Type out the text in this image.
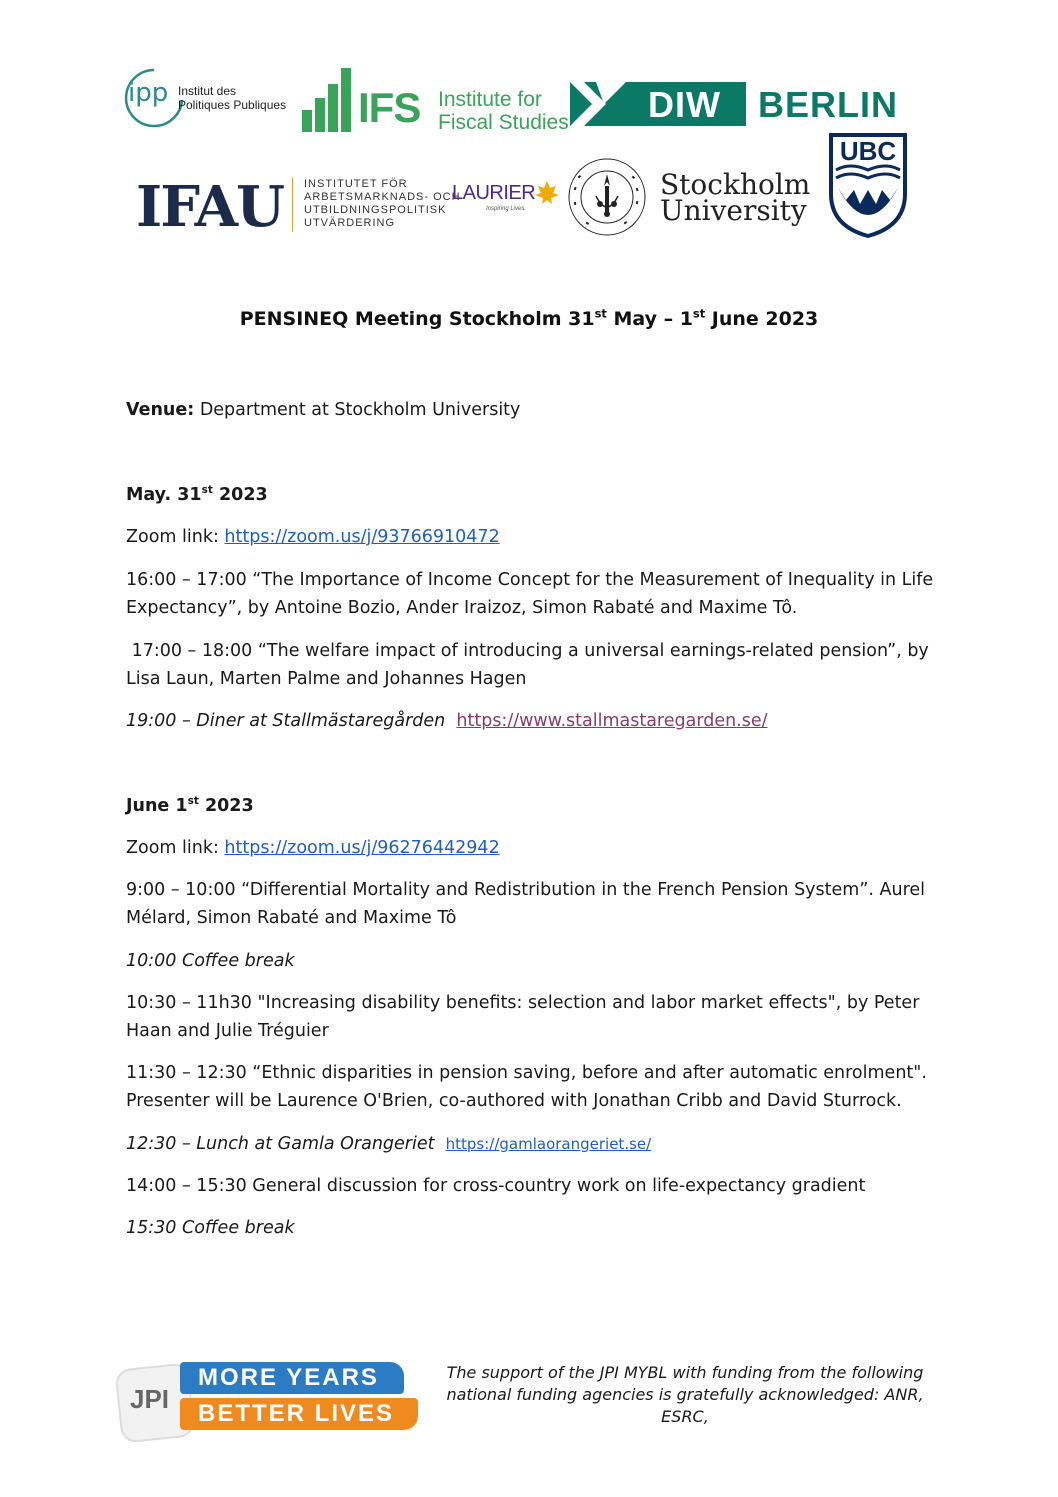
ipp Institut des
Politiques Publiques IFS Institute for
Fiscal Studies DIW BERLIN
IFAU INSTITUTET FÖR
ARBETSMARKNADS- OCH
UTBILDNINGSPOLITISK
UTVÄRDERING
LAURIER
Inspiring Lives.
Stockholm
University
UBC
PENSINEQ Meeting Stockholm 31st May – 1st June 2023
Venue: Department at Stockholm University
May. 31st 2023
Zoom link: https://zoom.us/j/93766910472
16:00 – 17:00 “The Importance of Income Concept for the Measurement of Inequality in Life
Expectancy”, by Antoine Bozio, Ander Iraizoz, Simon Rabaté and Maxime Tô.
17:00 – 18:00 “The welfare impact of introducing a universal earnings-related pension”, by
Lisa Laun, Marten Palme and Johannes Hagen
19:00 – Diner at Stallmästaregården  https://www.stallmastaregarden.se/
June 1st 2023
Zoom link: https://zoom.us/j/96276442942
9:00 – 10:00 “Differential Mortality and Redistribution in the French Pension System”. Aurel
Mélard, Simon Rabaté and Maxime Tô
10:00 Coffee break
10:30 – 11h30 "Increasing disability benefits: selection and labor market effects", by Peter
Haan and Julie Tréguier
11:30 – 12:30 “Ethnic disparities in pension saving, before and after automatic enrolment".
Presenter will be Laurence O'Brien, co-authored with Jonathan Cribb and David Sturrock.
12:30 – Lunch at Gamla Orangeriet  https://gamlaorangeriet.se/
14:00 – 15:30 General discussion for cross-country work on life-expectancy gradient
15:30 Coffee break
JPI
MORE YEARS
BETTER LIVES
The support of the JPI MYBL with funding from the following
national funding agencies is gratefully acknowledged: ANR,
ESRC,
